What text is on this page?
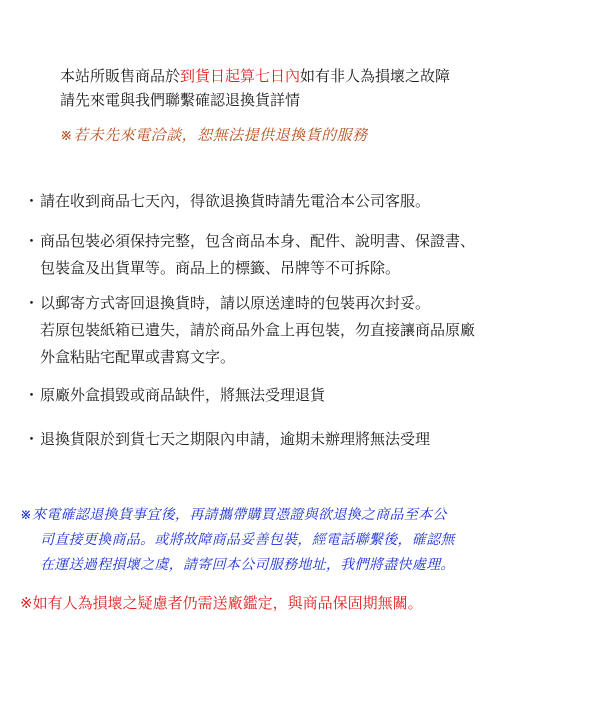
本站所販售商品於到貨日起算七日內如有非人為損壞之故障
請先來電與我們聯繫確認退換貨詳情
※若未先來電洽談，恕無法提供退換貨的服務
・請在收到商品七天內，得欲退換貨時請先電洽本公司客服。
・商品包裝必須保持完整，包含商品本身、配件、說明書、保證書、
包裝盒及出貨單等。商品上的標籤、吊牌等不可拆除。
・以郵寄方式寄回退換貨時，請以原送達時的包裝再次封妥。
若原包裝紙箱已遺失，請於商品外盒上再包裝，勿直接讓商品原廠
外盒粘貼宅配單或書寫文字。
・原廠外盒損毀或商品缺件，將無法受理退貨
・退換貨限於到貨七天之期限內申請，逾期未辦理將無法受理
※來電確認退換貨事宜後，再請攜帶購買憑證與欲退換之商品至本公
司直接更換商品。或將故障商品妥善包裝，經電話聯繫後，確認無
在運送過程損壞之虞，請寄回本公司服務地址，我們將盡快處理。
※如有人為損壞之疑慮者仍需送廠鑑定，與商品保固期無關。
